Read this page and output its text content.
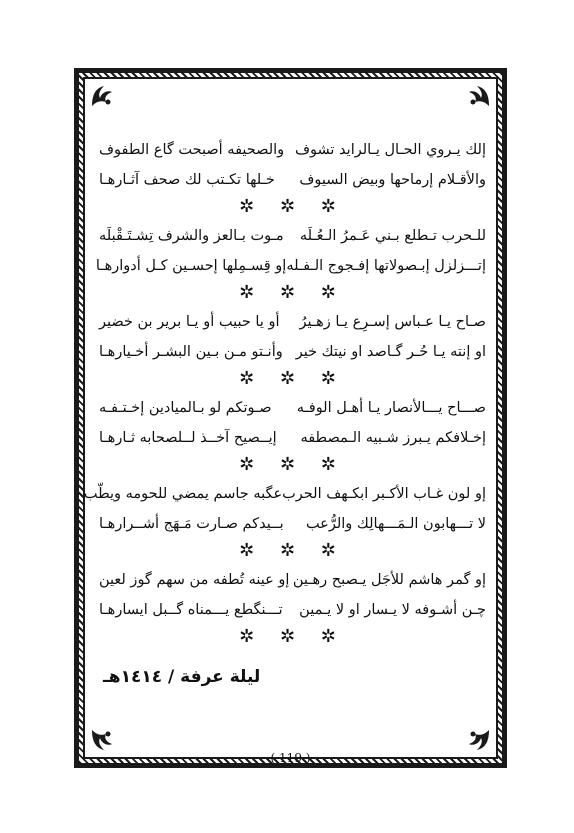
إلك يـروي الحـال يـالرايد تشوف
والصحيفه أصبحت گاع الطفوف
والأقـلام إرماحها وبيض السيوف
خـلها تكـتب لك صحف آثـارهـا
✲ ✲ ✲
للـحرب تـطلع بـني عَـمرُ الـعُـلَه
مـوت بـالعز والشرف تِشـتَـقْبلَه
إتـــزلزل إبـصولاتها إفـجوج الـفـله
إو قِسـمِلها إحسـين كـل أدوارهـا
✲ ✲ ✲
صـاح يـا عـباس إسـرِع يـا زهـيرُ
أو يا حبيب أو يـا برير بن خضير
او إنته يـا حُـر گـاصد او نيتك خير
وأنـتو مـن بـين البشـر أخـيارهـا
✲ ✲ ✲
صـــاح يـــالأنصار يـا أهـل الوفـه
صـوتكم لو بـالميادين إخـتـفـه
إخـلافكم يـبرز شـبيه الـمصطفه
إيــصيح آخــذ لــلصحابه ثـارهـا
✲ ✲ ✲
إو لون غـاب الأكـبر ابكـهف الحرب
عگبه جاسم يمضي للحومه ويطّب
لا تـــهابون الـمَـــهالِك والرُّعب
بــيدكم صـارت مَـهَج أشــرارهـا
✲ ✲ ✲
إو گمر هاشم للأجَل يـصبح رهـين
إو عينه تُطفه من سهم گوز لعين
چـن أشـوفه لا يـسار او لا يـمين
تـــنگطع يـــمناه گــبل ايسارهـا
✲ ✲ ✲
ليلة عرفة / ١٤١٤هـ
( 119 )
